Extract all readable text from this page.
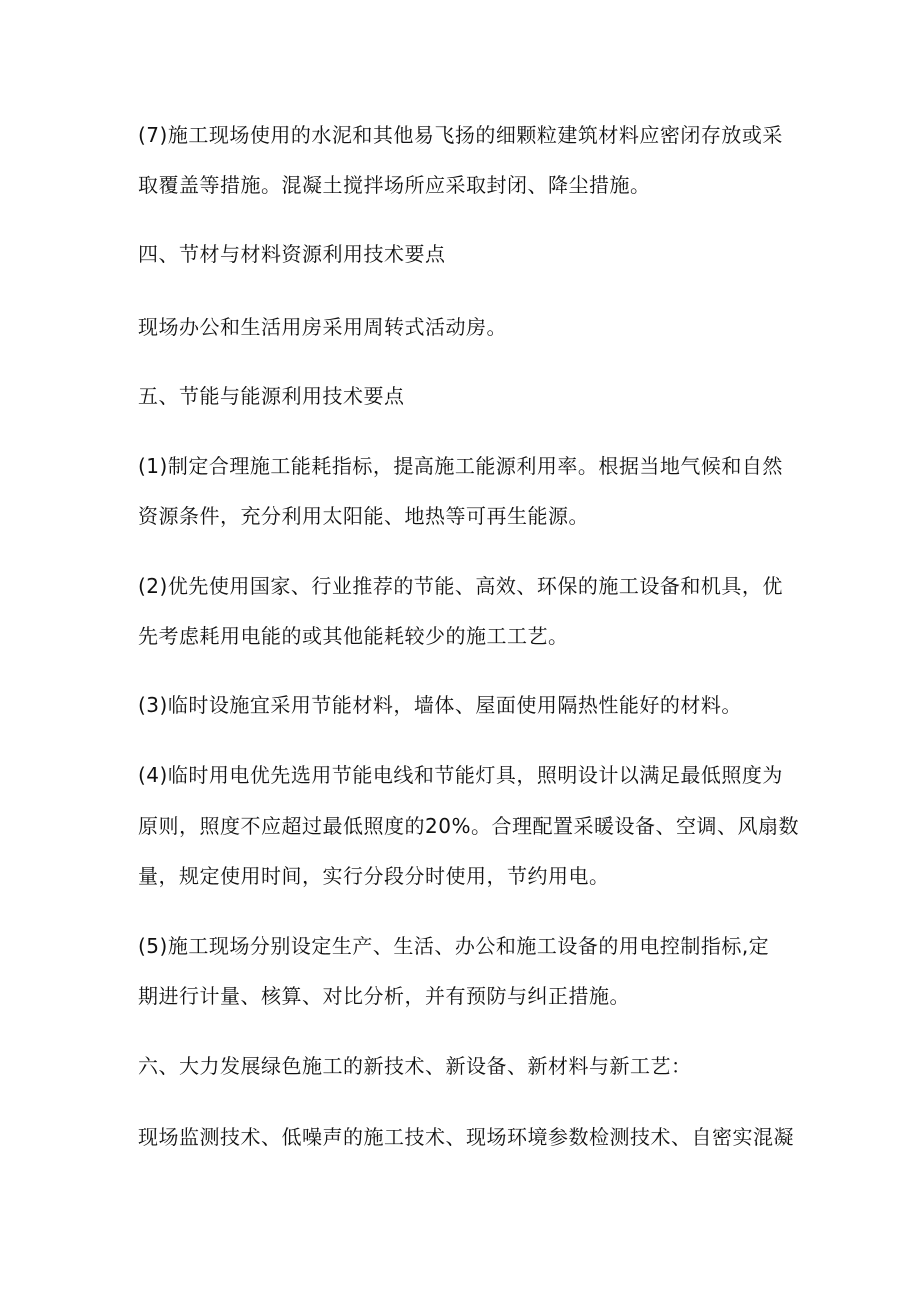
(7)施工现场使用的水泥和其他易飞扬的细颗粒建筑材料应密闭存放或采
取覆盖等措施。混凝土搅拌场所应采取封闭、降尘措施。
四、节材与材料资源利用技术要点
现场办公和生活用房采用周转式活动房。
五、节能与能源利用技术要点
(1)制定合理施工能耗指标，提高施工能源利用率。根据当地气候和自然
资源条件，充分利用太阳能、地热等可再生能源。
(2)优先使用国家、行业推荐的节能、高效、环保的施工设备和机具，优
先考虑耗用电能的或其他能耗较少的施工工艺。
(3)临时设施宜采用节能材料，墙体、屋面使用隔热性能好的材料。
(4)临时用电优先选用节能电线和节能灯具，照明设计以满足最低照度为
原则，照度不应超过最低照度的20%。合理配置采暖设备、空调、风扇数
量，规定使用时间，实行分段分时使用，节约用电。
(5)施工现场分别设定生产、生活、办公和施工设备的用电控制指标,定
期进行计量、核算、对比分析，并有预防与纠正措施。
六、大力发展绿色施工的新技术、新设备、新材料与新工艺：
现场监测技术、低噪声的施工技术、现场环境参数检测技术、自密实混凝
